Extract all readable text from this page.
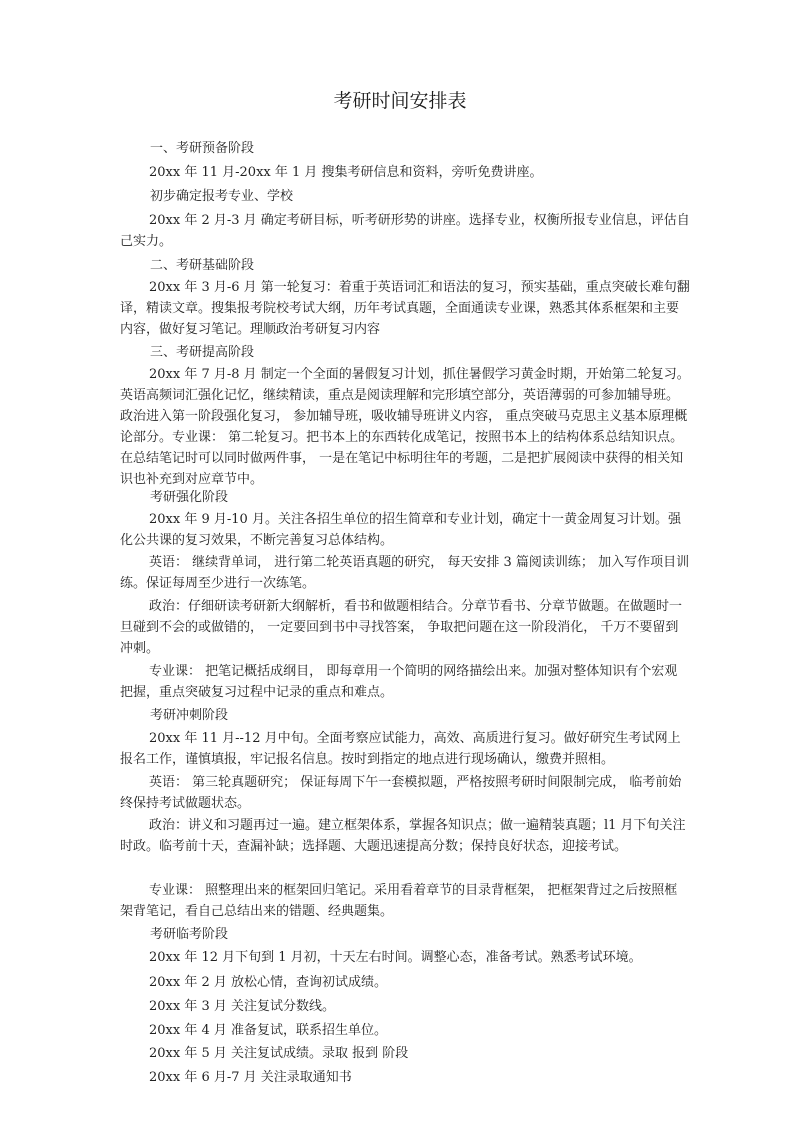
考研时间安排表

一、考研预备阶段

20xx 年 11 月-20xx 年 1 月 搜集考研信息和资料，旁听免费讲座。

初步确定报考专业、学校

20xx 年 2 月-3 月 确定考研目标，听考研形势的讲座。选择专业，权衡所报专业信息，评估自己实力。

二、考研基础阶段

20xx 年 3 月-6 月 第一轮复习：着重于英语词汇和语法的复习，预实基础，重点突破长难句翻译，精读文章。搜集报考院校考试大纲，历年考试真题，全面通读专业课，熟悉其体系框架和主要内容，做好复习笔记。理顺政治考研复习内容

三、考研提高阶段

20xx 年 7 月-8 月 制定一个全面的暑假复习计划，抓住暑假学习黄金时期，开始第二轮复习。英语高频词汇强化记忆，继续精读，重点是阅读理解和完形填空部分，英语薄弱的可参加辅导班。政治进入第一阶段强化复习， 参加辅导班，吸收辅导班讲义内容， 重点突破马克思主义基本原理概论部分。专业课： 第二轮复习。把书本上的东西转化成笔记，按照书本上的结构体系总结知识点。在总结笔记时可以同时做两件事， 一是在笔记中标明往年的考题，二是把扩展阅读中获得的相关知识也补充到对应章节中。

考研强化阶段

20xx 年 9 月-10 月。关注各招生单位的招生简章和专业计划，确定十一黄金周复习计划。强化公共课的复习效果，不断完善复习总体结构。

英语： 继续背单词， 进行第二轮英语真题的研究， 每天安排 3 篇阅读训练； 加入写作项目训练。保证每周至少进行一次练笔。

政治：仔细研读考研新大纲解析，看书和做题相结合。分章节看书、分章节做题。在做题时一旦碰到不会的或做错的， 一定要回到书中寻找答案， 争取把问题在这一阶段消化， 千万不要留到冲刺。

专业课： 把笔记概括成纲目， 即每章用一个简明的网络描绘出来。加强对整体知识有个宏观把握，重点突破复习过程中记录的重点和难点。

考研冲刺阶段

20xx 年 11 月--12 月中旬。全面考察应试能力，高效、高质进行复习。做好研究生考试网上报名工作，谨慎填报，牢记报名信息。按时到指定的地点进行现场确认，缴费并照相。

英语： 第三轮真题研究； 保证每周下午一套模拟题，严格按照考研时间限制完成， 临考前始终保持考试做题状态。

政治：讲义和习题再过一遍。建立框架体系，掌握各知识点；做一遍精装真题；l1 月下旬关注时政。临考前十天，查漏补缺；选择题、大题迅速提高分数；保持良好状态，迎接考试。

专业课： 照整理出来的框架回归笔记。采用看着章节的目录背框架， 把框架背过之后按照框架背笔记，看自己总结出来的错题、经典题集。

考研临考阶段

20xx 年 12 月下旬到 1 月初，十天左右时间。调整心态，准备考试。熟悉考试环境。

20xx 年 2 月 放松心情，查询初试成绩。

20xx 年 3 月 关注复试分数线。

20xx 年 4 月 准备复试，联系招生单位。

20xx 年 5 月 关注复试成绩。录取 报到 阶段

20xx 年 6 月-7 月 关注录取通知书
